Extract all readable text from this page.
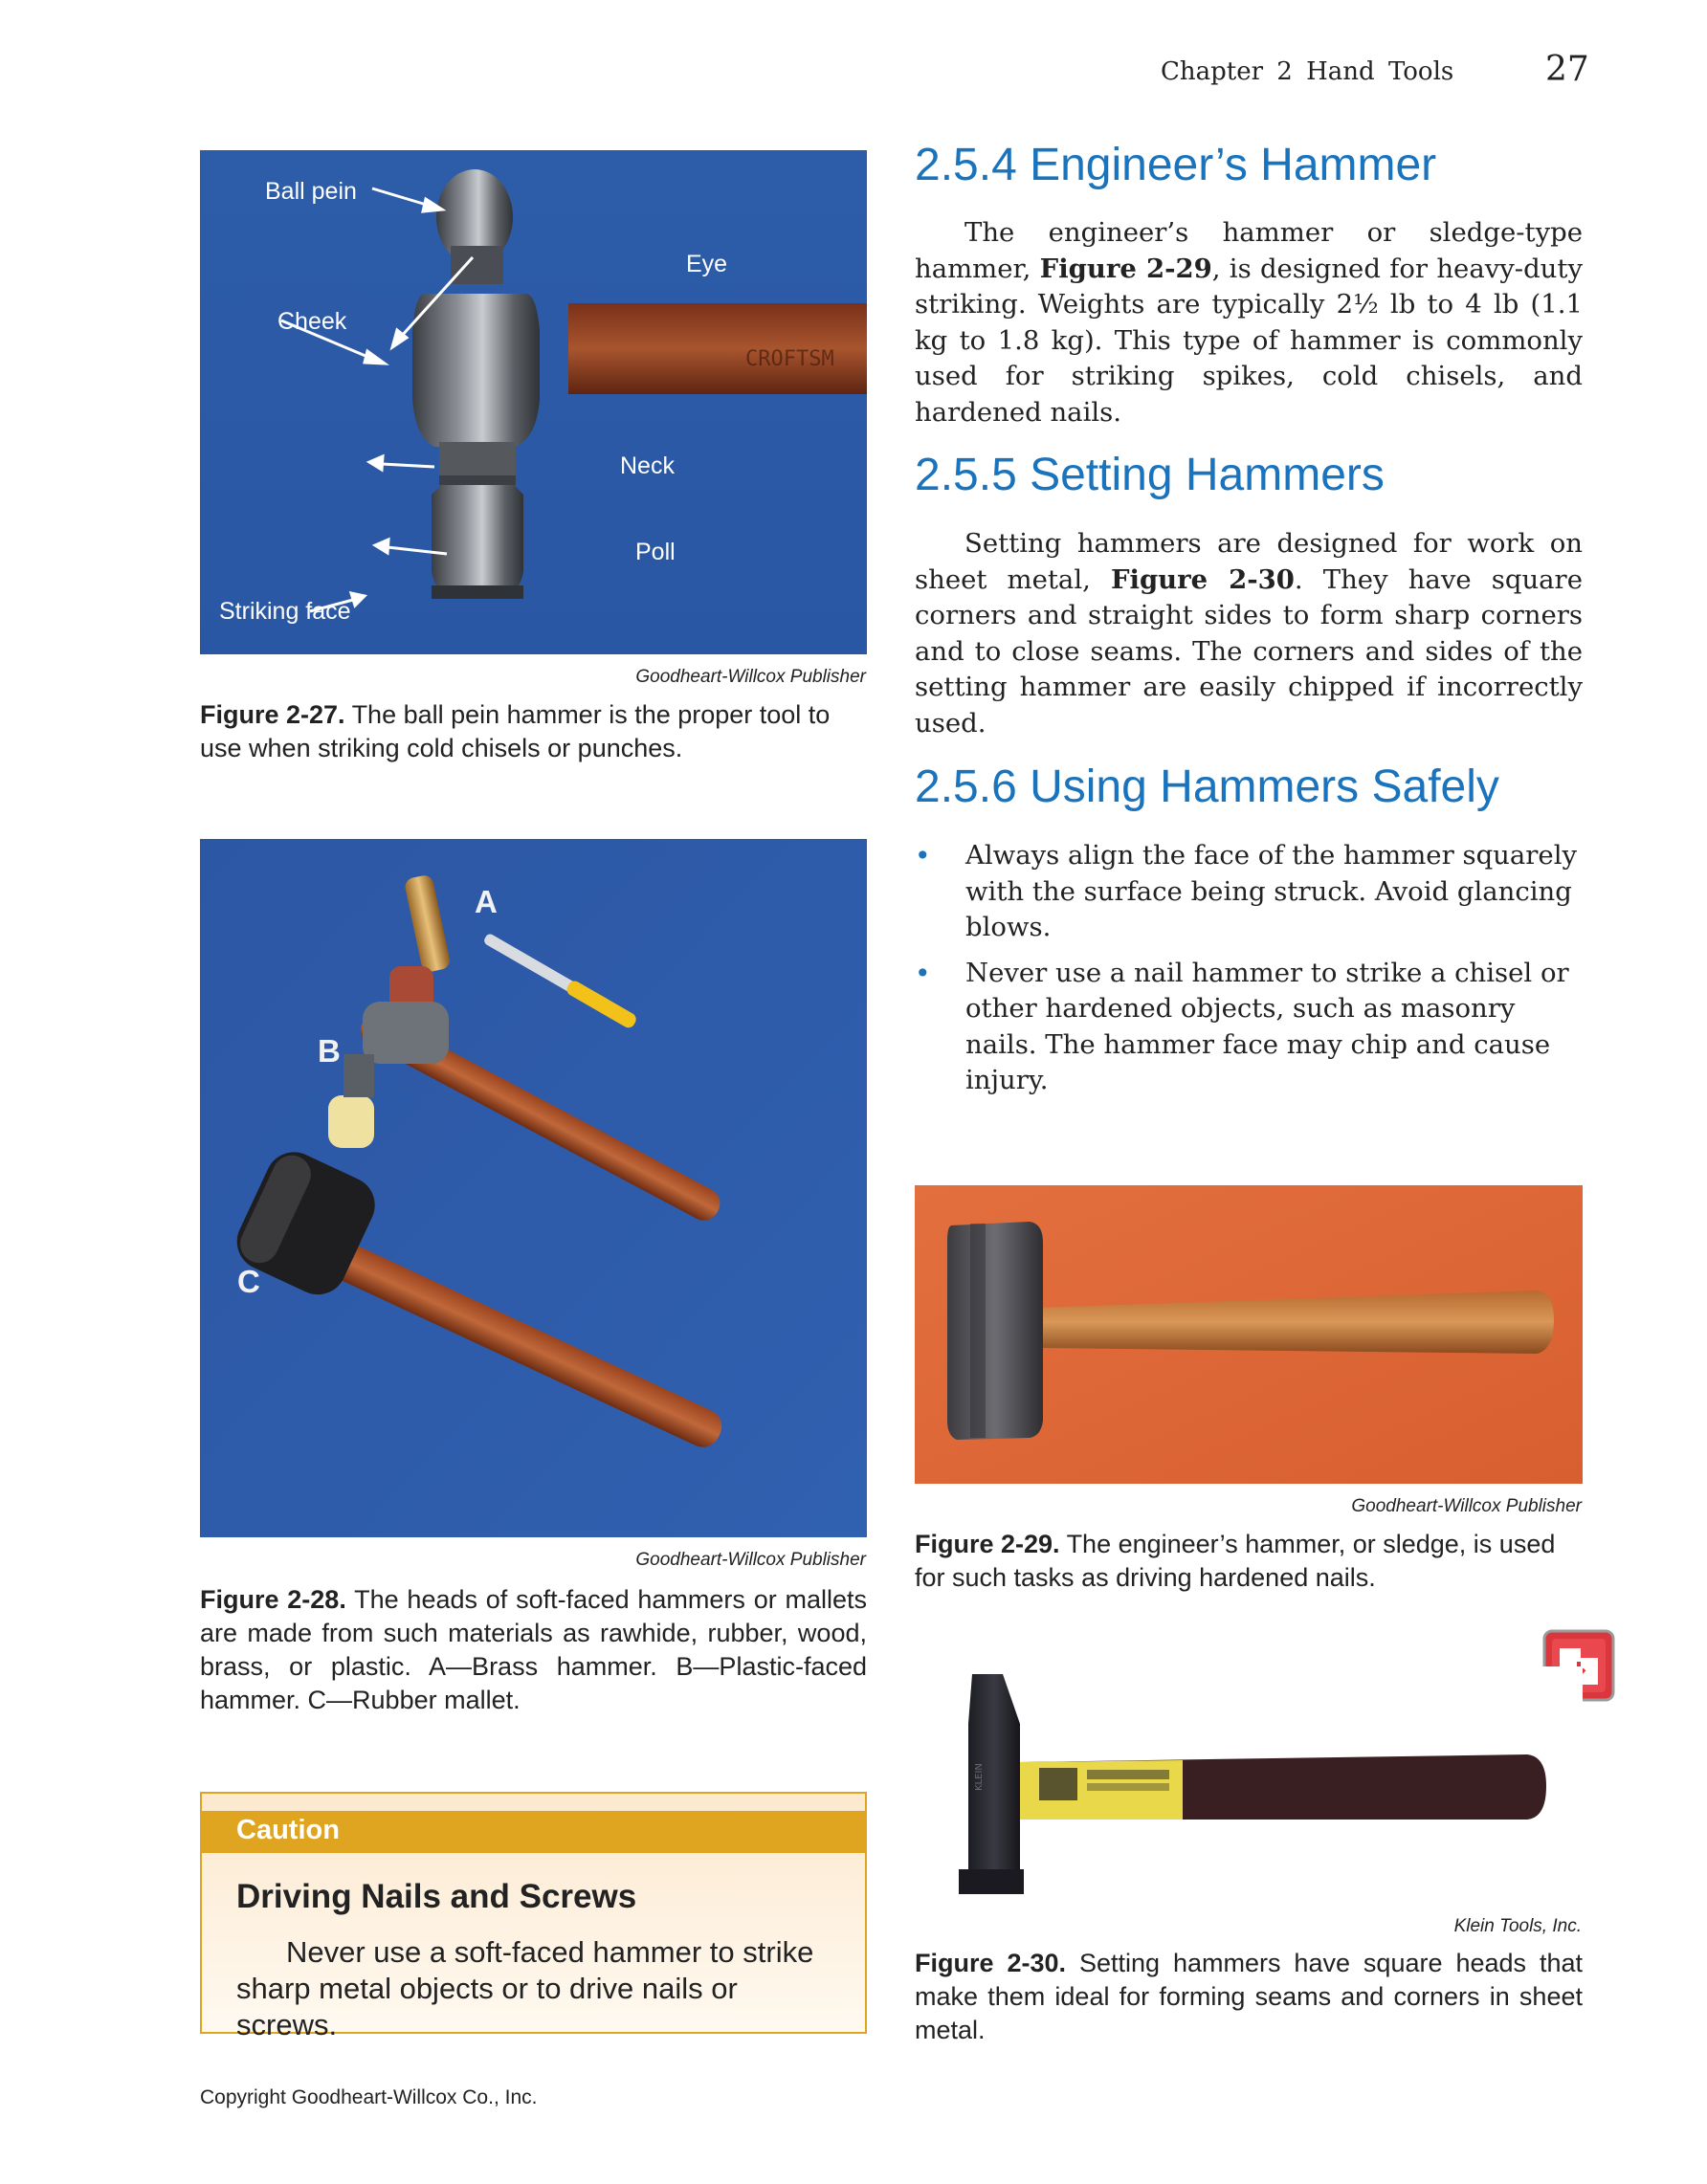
Chapter 2 Hand Tools	27
CROFTSM
Ball pein
Eye
Cheek
Neck
Poll
Striking face
Goodheart-Willcox Publisher
Figure 2-27. The ball pein hammer is the proper tool to use when striking cold chisels or punches.
A
B
C
Goodheart-Willcox Publisher
Figure 2-28. The heads of soft-faced hammers or mallets are made from such materials as rawhide, rubber, wood, brass, or plastic. A—Brass hammer. B—Plastic-faced hammer. C—Rubber mallet.
Caution
Driving Nails and Screws
Never use a soft-faced hammer to strike sharp metal objects or to drive nails or screws.
Copyright Goodheart-Willcox Co., Inc.
2.5.4 Engineer’s Hammer

The engineer’s hammer or sledge-type hammer, Figure 2-29, is designed for heavy-duty striking. Weights are typically 2½ lb to 4 lb (1.1 kg to 1.8 kg). This type of hammer is commonly used for striking spikes, cold chisels, and hardened nails.

2.5.5 Setting Hammers

Setting hammers are designed for work on sheet metal, Figure 2-30. They have square corners and straight sides to form sharp corners and to close seams. The corners and sides of the setting hammer are easily chipped if incorrectly used.

2.5.6 Using Hammers Safely
• Always align the face of the hammer squarely with the surface being struck. Avoid glancing blows.
• Never use a nail hammer to strike a chisel or other hardened objects, such as masonry nails. The hammer face may chip and cause injury.
Goodheart-Willcox Publisher
Figure 2-29. The engineer’s hammer, or sledge, is used for such tasks as driving hardened nails.
KLEIN
Klein Tools, Inc.
Figure 2-30. Setting hammers have square heads that make them ideal for forming seams and corners in sheet metal.
